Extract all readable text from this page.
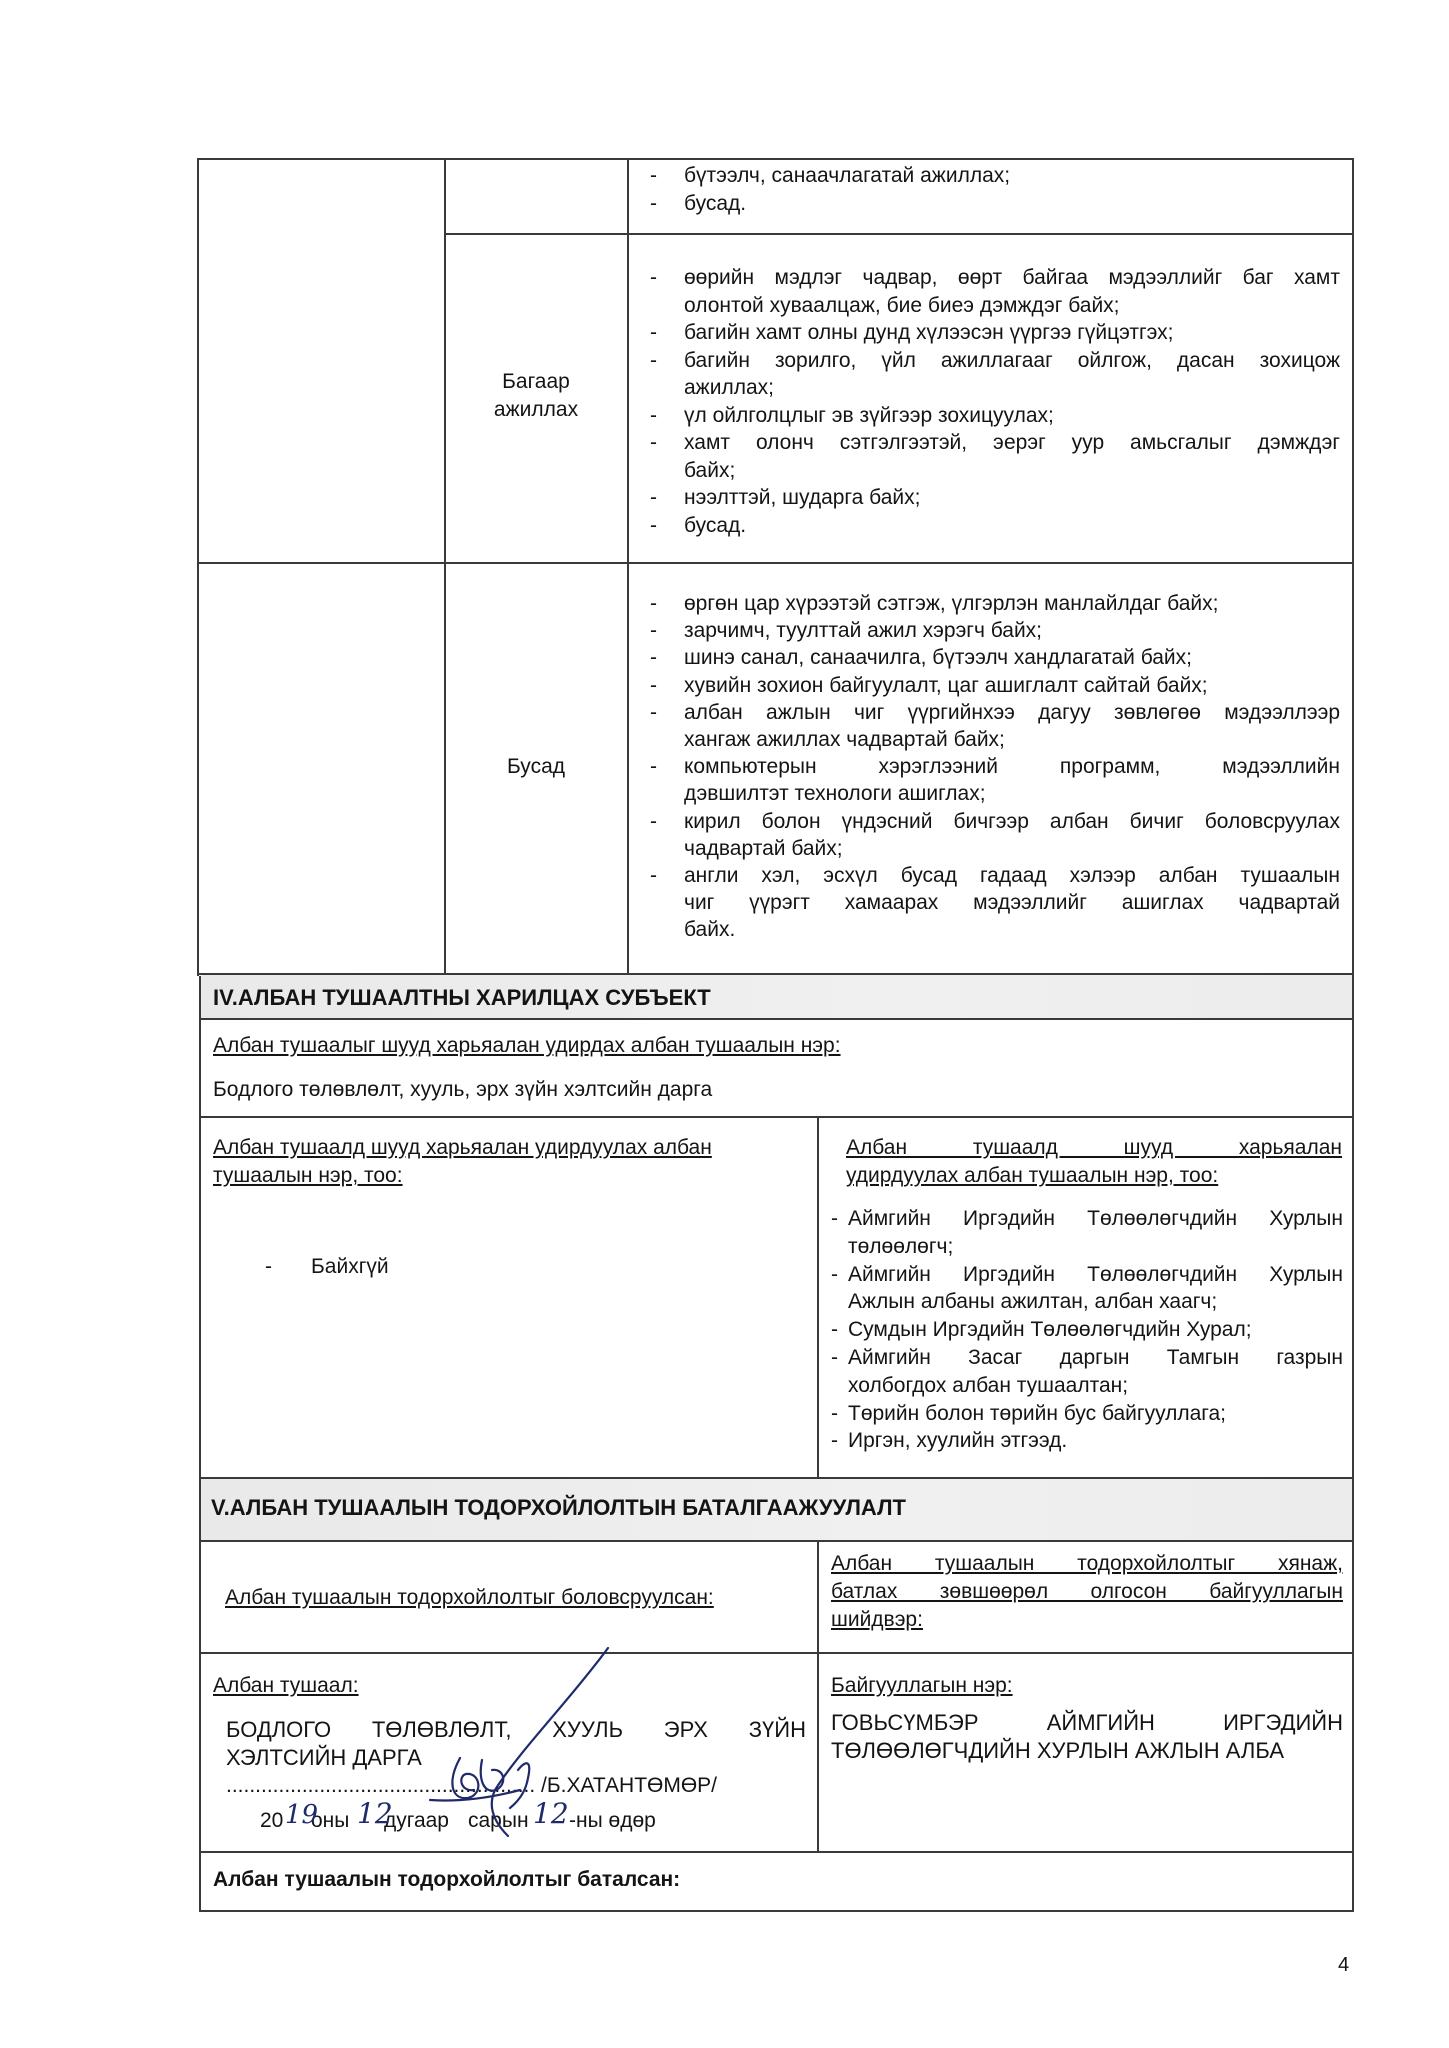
- бүтээлч, санаачлагатай ажиллах;
- бусад.
Багаар
ажиллах
- өөрийн мэдлэг чадвар, өөрт байгаа мэдээллийг баг хамт
олонтой хуваалцаж, бие биеэ дэмждэг байх;
- багийн хамт олны дунд хүлээсэн үүргээ гүйцэтгэх;
- багийн зорилго, үйл ажиллагааг ойлгож, дасан зохицож
ажиллах;
- үл ойлголцлыг эв зүйгээр зохицуулах;
- хамт олонч сэтгэлгээтэй, эерэг уур амьсгалыг дэмждэг
байх;
- нээлттэй, шударга байх;
- бусад.
Бусад
- өргөн цар хүрээтэй сэтгэж, үлгэрлэн манлайлдаг байх;
- зарчимч, туулттай ажил хэрэгч байх;
- шинэ санал, санаачилга, бүтээлч хандлагатай байх;
- хувийн зохион байгуулалт, цаг ашиглалт сайтай байх;
- албан ажлын чиг үүргийнхээ дагуу зөвлөгөө мэдээллээр
хангаж ажиллах чадвартай байх;
- компьютерын хэрэглээний программ, мэдээллийн
дэвшилтэт технологи ашиглах;
- кирил болон үндэсний бичгээр албан бичиг боловсруулах
чадвартай байх;
- англи хэл, эсхүл бусад гадаад хэлээр албан тушаалын
чиг үүрэгт хамаарах мэдээллийг ашиглах чадвартай
байх.
IV.АЛБАН ТУШААЛТНЫ ХАРИЛЦАХ СУБЪЕКТ
Албан тушаалыг шууд харьяалан удирдах албан тушаалын нэр:
Бодлого төлөвлөлт, хууль, эрх зүйн хэлтсийн дарга
Албан тушаалд шууд харьяалан удирдуулах албан
тушаалын нэр, тоо:
- Байхгүй
Албан тушаалд шууд харьяалан
удирдуулах албан тушаалын нэр, тоо:
- Аймгийн Иргэдийн Төлөөлөгчдийн Хурлын
төлөөлөгч;
- Аймгийн Иргэдийн Төлөөлөгчдийн Хурлын
Ажлын албаны ажилтан, албан хаагч;
- Сумдын Иргэдийн Төлөөлөгчдийн Хурал;
- Аймгийн Засаг даргын Тамгын газрын
холбогдох албан тушаалтан;
- Төрийн болон төрийн бус байгууллага;
- Иргэн, хуулийн этгээд.
V.АЛБАН ТУШААЛЫН ТОДОРХОЙЛОЛТЫН БАТАЛГААЖУУЛАЛТ
Албан тушаалын тодорхойлолтыг боловсруулсан:
Албан тушаалын тодорхойлолтыг хянаж,
батлах зөвшөөрөл олгосон байгууллагын
шийдвэр:
Албан тушаал:
БОДЛОГО ТӨЛӨВЛӨЛТ, ХУУЛЬ ЭРХ ЗҮЙН
ХЭЛТСИЙН ДАРГА
..................................................... /Б.ХАТАНТӨМӨР/
20 оны дугаар сарын -ны өдөр
19 12	12
Байгууллагын нэр:
ГОВЬСҮМБЭР АЙМГИЙН ИРГЭДИЙН
ТӨЛӨӨЛӨГЧДИЙН ХУРЛЫН АЖЛЫН АЛБА
Албан тушаалын тодорхойлолтыг баталсан:
4
